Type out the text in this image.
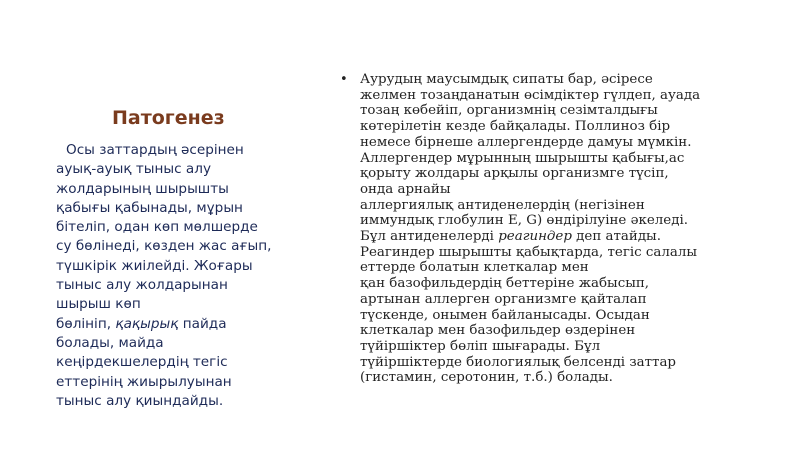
Патогенез
Осы заттардың әсерінен
ауық-ауық тыныс алу
жолдарының шырышты
қабығы қабынады, мұрын
бітеліп, одан көп мөлшерде
су бөлінеді, көзден жас ағып,
түшкірік жиілейді. Жоғары
тыныс алу жолдарынан
шырыш көп
бөлініп, қақырық пайда
болады, майда
кеңірдекшелердің тегіс
еттерінің жиырылуынан
тыныс алу қиындайды.
• Аурудың маусымдық сипаты бар, әсіресе
желмен тозаңданатын өсімдіктер гүлдеп, ауада
тозаң көбейіп, организмнің сезімталдығы
көтерілетін кезде байқалады. Поллиноз бір
немесе бірнеше аллергендерде дамуы мүмкін.
Аллергендер мұрынның шырышты қабығы,ас
қорыту жолдары арқылы организмге түсіп,
онда арнайы
аллергиялық антиденелердің (негізінен
иммундық глобулин Е, G) өндірілуіне әкеледі.
Бұл антиденелерді реагиндер деп атайды.
Реагиндер шырышты қабықтарда, тегіс салалы
еттерде болатын клеткалар мен
қан базофильдердің беттеріне жабысып,
артынан аллерген организмге қайталап
түскенде, онымен байланысады. Осыдан
клеткалар мен базофильдер өздерінен
түйіршіктер бөліп шығарады. Бұл
түйіршіктерде биологиялық белсенді заттар
(гистамин, серотонин, т.б.) болады.
